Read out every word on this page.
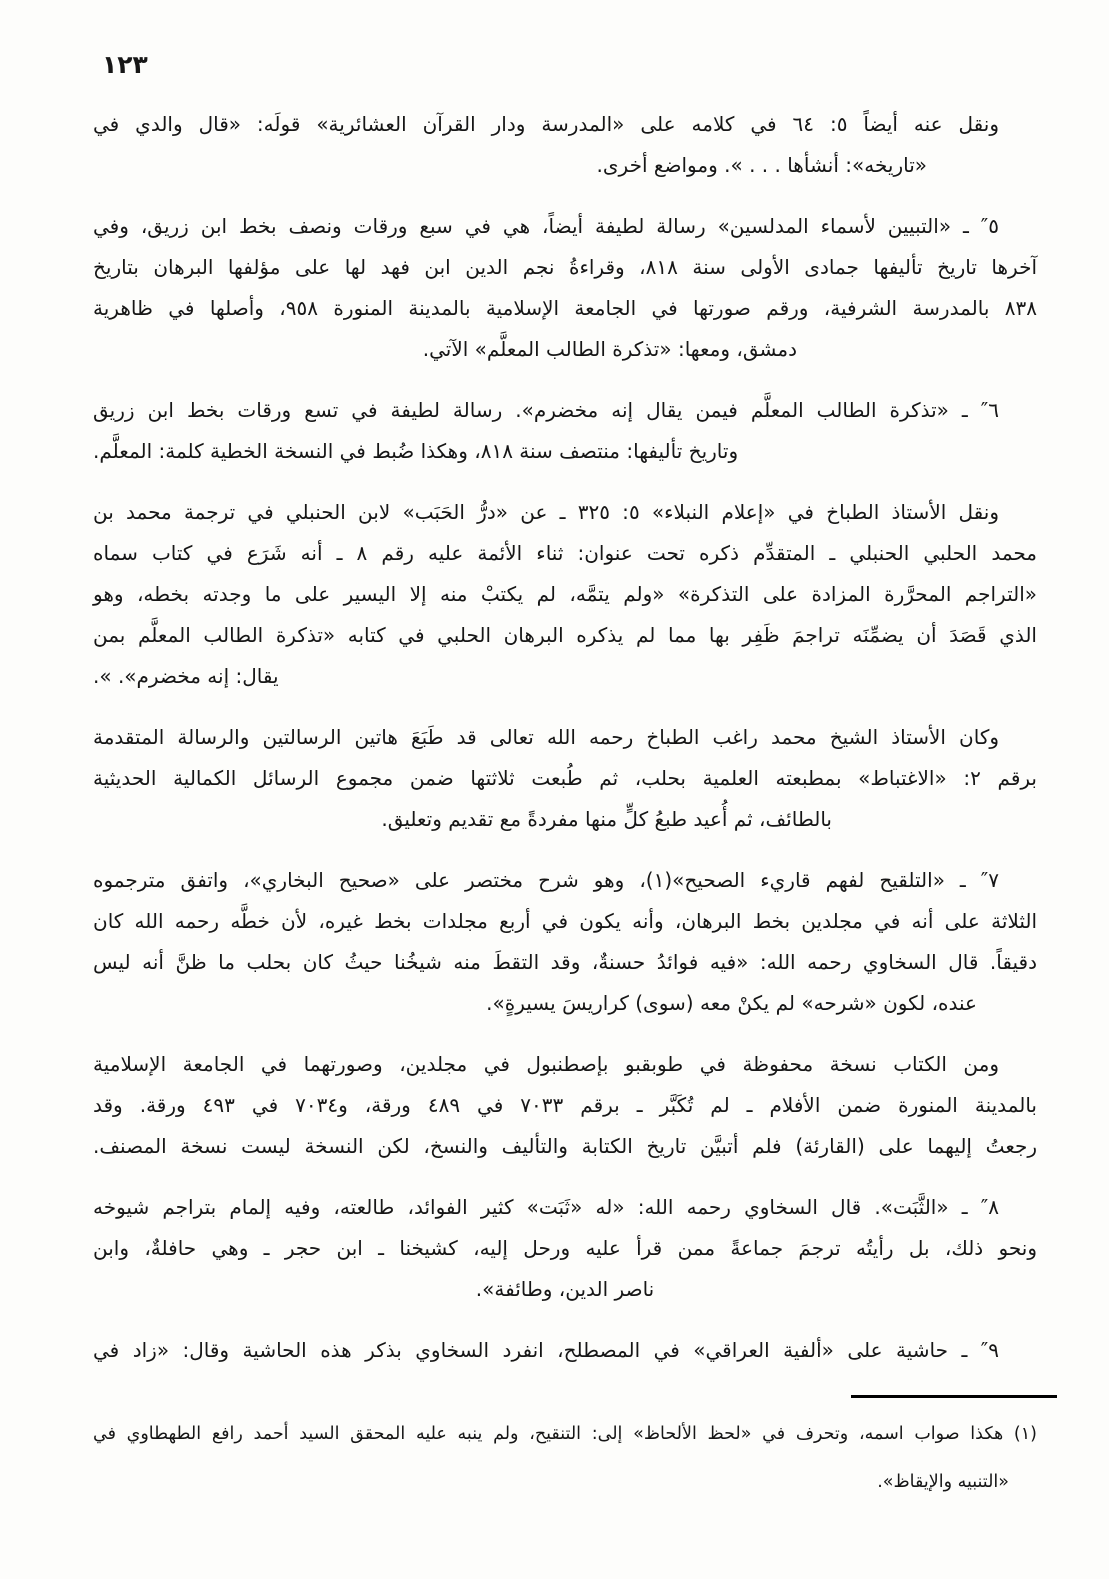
١٢٣
ونقل عنه أيضاً ٥: ٦٤ في كلامه على «المدرسة ودار القرآن العشائرية» قولَه: «قال والدي في
«تاريخه»: أنشأها . . . ». ومواضع أخرى.
٥″ ـ «التبيين لأسماء المدلسين» رسالة لطيفة أيضاً، هي في سبع ورقات ونصف بخط ابن زريق، وفي
آخرها تاريخ تأليفها جمادى الأولى سنة ٨١٨، وقراءةُ نجم الدين ابن فهد لها على مؤلفها البرهان بتاريخ
٨٣٨ بالمدرسة الشرفية، ورقم صورتها في الجامعة الإسلامية بالمدينة المنورة ٩٥٨، وأصلها في ظاهرية
دمشق، ومعها: «تذكرة الطالب المعلَّم» الآتي.
٦″ ـ «تذكرة الطالب المعلَّم فيمن يقال إنه مخضرم». رسالة لطيفة في تسع ورقات بخط ابن زريق
وتاريخ تأليفها: منتصف سنة ٨١٨، وهكذا ضُبط في النسخة الخطية كلمة: المعلَّم.
ونقل الأستاذ الطباخ في «إعلام النبلاء» ٥: ٣٢٥ ـ عن «درُّ الحَبَب» لابن الحنبلي في ترجمة محمد بن
محمد الحلبي الحنبلي ـ المتقدِّم ذكره تحت عنوان: ثناء الأئمة عليه رقم ٨ ـ أنه شَرَع في كتاب سماه
«التراجم المحرَّرة المزادة على التذكرة» «ولم يتمَّه، لم يكتبْ منه إلا اليسير على ما وجدته بخطه، وهو
الذي قَصَدَ أن يضمِّنَه تراجمَ ظَفِر بها مما لم يذكره البرهان الحلبي في كتابه «تذكرة الطالب المعلَّم بمن
يقال: إنه مخضرم». ».
وكان الأستاذ الشيخ محمد راغب الطباخ رحمه الله تعالى قد طَبَعَ هاتين الرسالتين والرسالة المتقدمة
برقم ٢: «الاغتباط» بمطبعته العلمية بحلب، ثم طُبعت ثلاثتها ضمن مجموع الرسائل الكمالية الحديثية
بالطائف، ثم أُعيد طبعُ كلٍّ منها مفردةً مع تقديم وتعليق.
٧″ ـ «التلقيح لفهم قاريء الصحيح»(١)، وهو شرح مختصر على «صحيح البخاري»، واتفق مترجموه
الثلاثة على أنه في مجلدين بخط البرهان، وأنه يكون في أربع مجلدات بخط غيره، لأن خطَّه رحمه الله كان
دقيقاً. قال السخاوي رحمه الله: «فيه فوائدُ حسنةٌ، وقد التقطَ منه شيخُنا حيثُ كان بحلب ما ظنَّ أنه ليس
عنده، لكون «شرحه» لم يكنْ معه (سوى) كراريسَ يسيرةٍ».
ومن الكتاب نسخة محفوظة في طوبقبو بإصطنبول في مجلدين، وصورتهما في الجامعة الإسلامية
بالمدينة المنورة ضمن الأفلام ـ لم تُكَبَّر ـ برقم ٧٠٣٣ في ٤٨٩ ورقة، و٧٠٣٤ في ٤٩٣ ورقة. وقد
رجعتُ إليهما على (القارئة) فلم أتبيَّن تاريخ الكتابة والتأليف والنسخ، لكن النسخة ليست نسخة المصنف.
٨″ ـ «الثَّبَت». قال السخاوي رحمه الله: «له «ثَبَت» كثير الفوائد، طالعته، وفيه إلمام بتراجم شيوخه
ونحو ذلك، بل رأيتُه ترجمَ جماعةً ممن قرأ عليه ورحل إليه، كشيخنا ـ ابن حجر ـ وهي حافلةٌ، وابن
ناصر الدين، وطائفة».
٩″ ـ حاشية على «ألفية العراقي» في المصطلح، انفرد السخاوي بذكر هذه الحاشية وقال: «زاد في
(١) هكذا صواب اسمه، وتحرف في «لحظ الألحاظ» إلى: التنقيح، ولم ينبه عليه المحقق السيد أحمد رافع الطهطاوي في
«التنبيه والإيقاظ».
